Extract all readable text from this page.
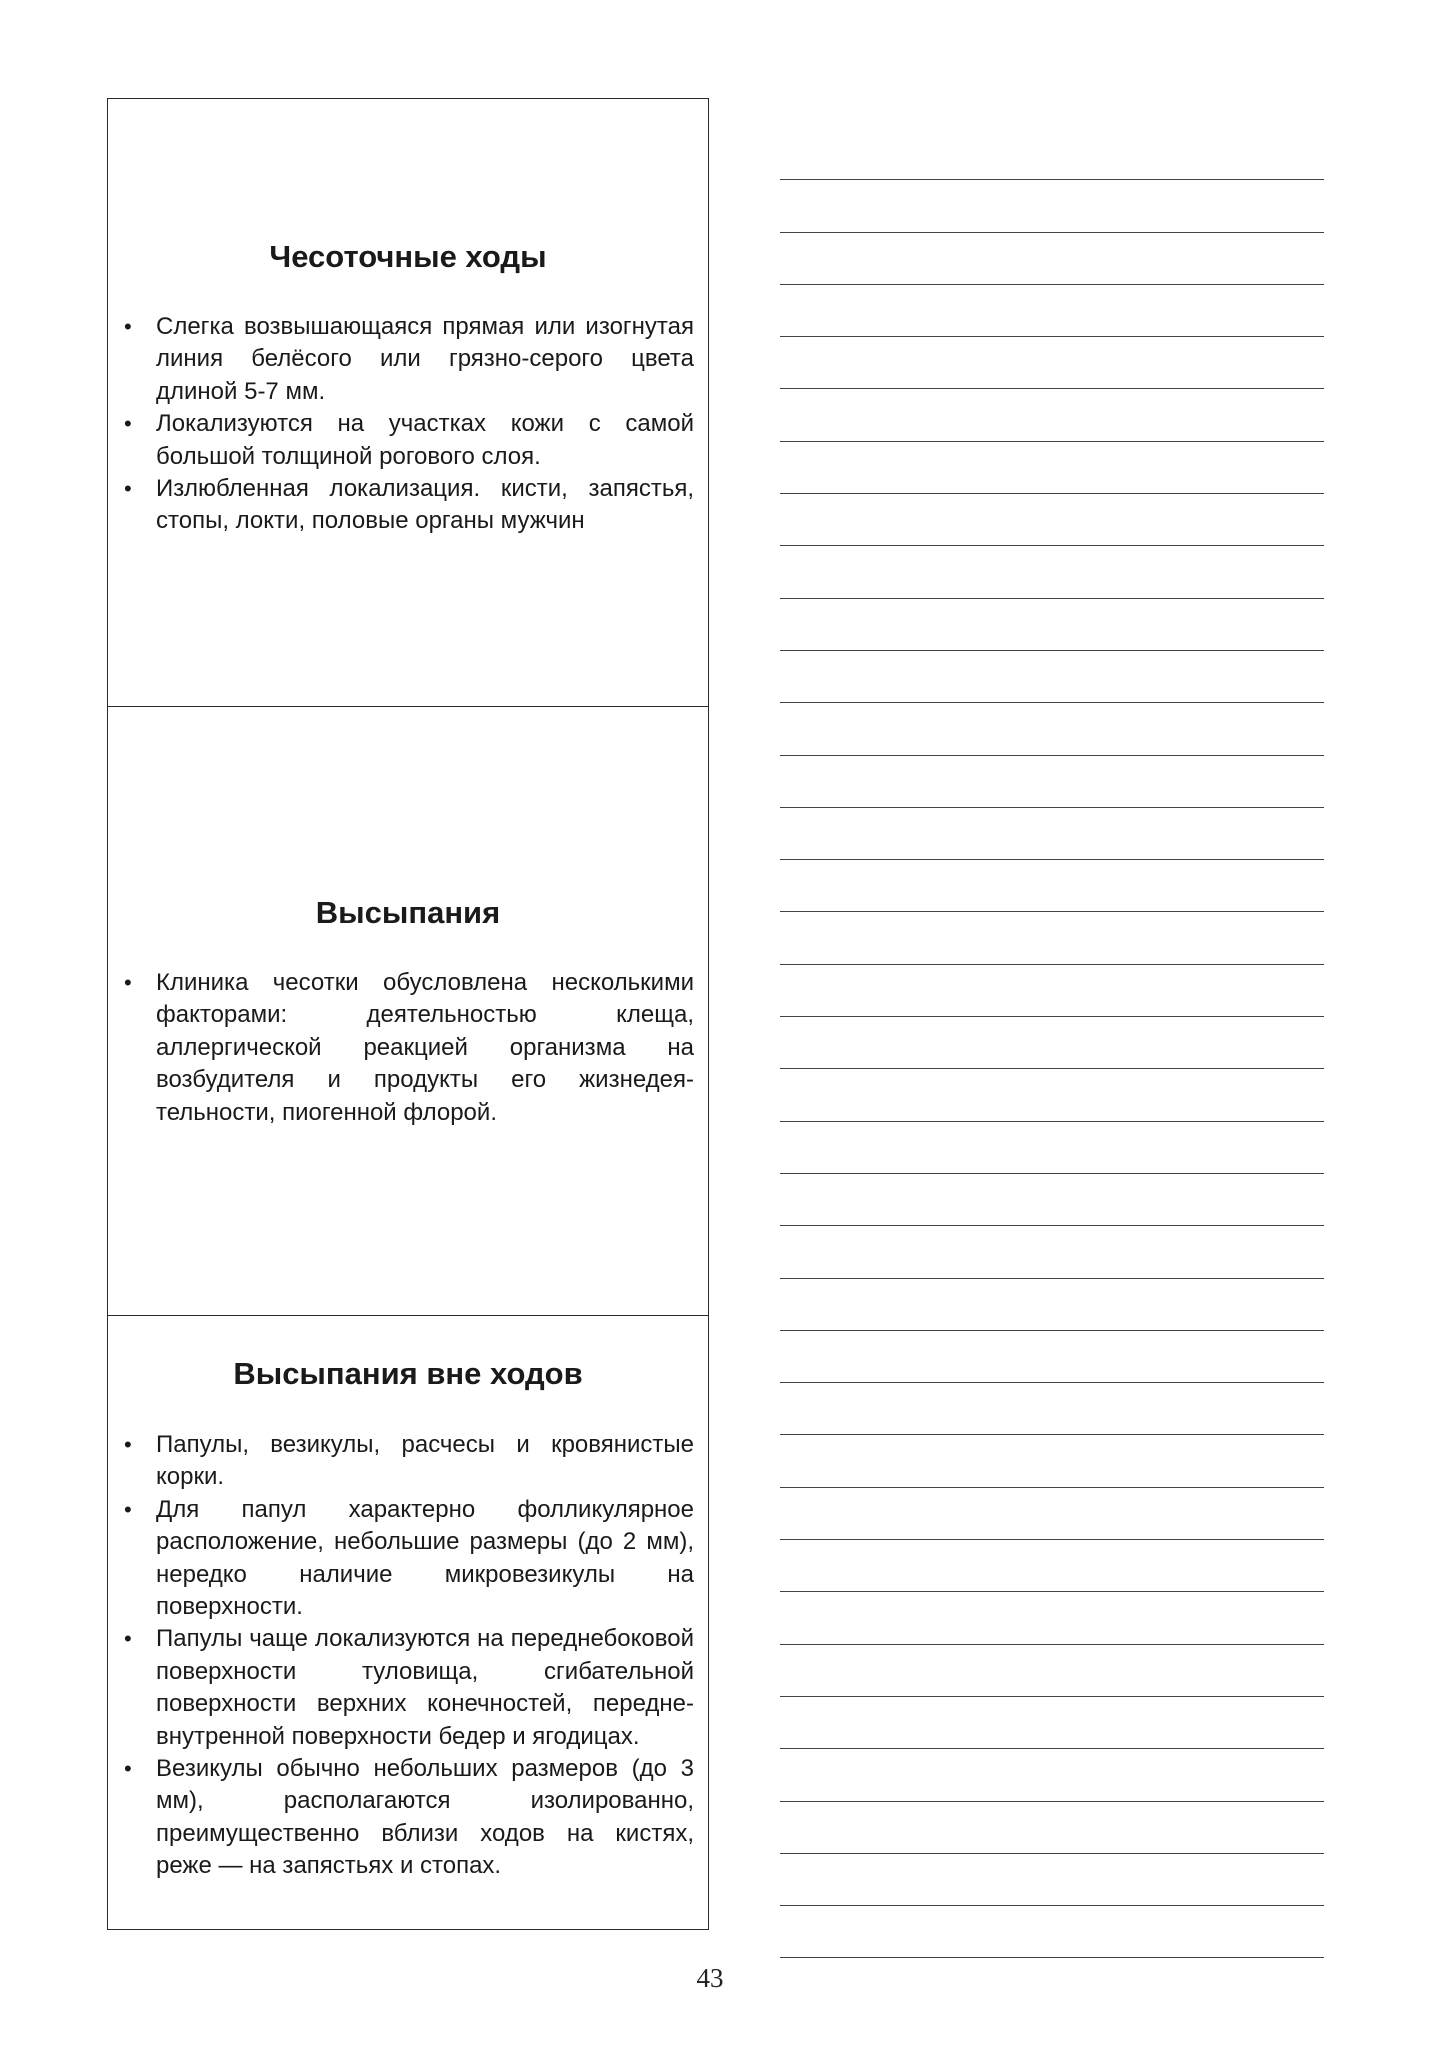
Чесоточные ходы
• Слегка возвышающаяся прямая или изогнутая линия белёсого или грязно-серого цвета длиной 5-7 мм.
• Локализуются на участках кожи с самой большой толщиной рогового слоя.
• Излюбленная локализация. кисти, запястья, стопы, локти, половые органы мужчин
Высыпания
• Клиника чесотки обусловлена несколькими факторами: деятельностью клеща, аллергической реакцией организма на возбудителя и продукты его жизнедеятельности, пиогенной флорой.
Высыпания вне ходов
• Папулы, везикулы, расчесы и кровянистые корки.
• Для папул характерно фолликулярное расположение, небольшие размеры (до 2 мм), нередко наличие микровезикулы на поверхности.
• Папулы чаще локализуются на переднебоковой поверхности туловища, сгибательной поверхности верхних конечностей, передне-внутренной поверхности бедер и ягодицах.
• Везикулы обычно небольших размеров (до 3 мм), располагаются изолированно, преимущественно вблизи ходов на кистях, реже — на запястьях и стопах.
43
